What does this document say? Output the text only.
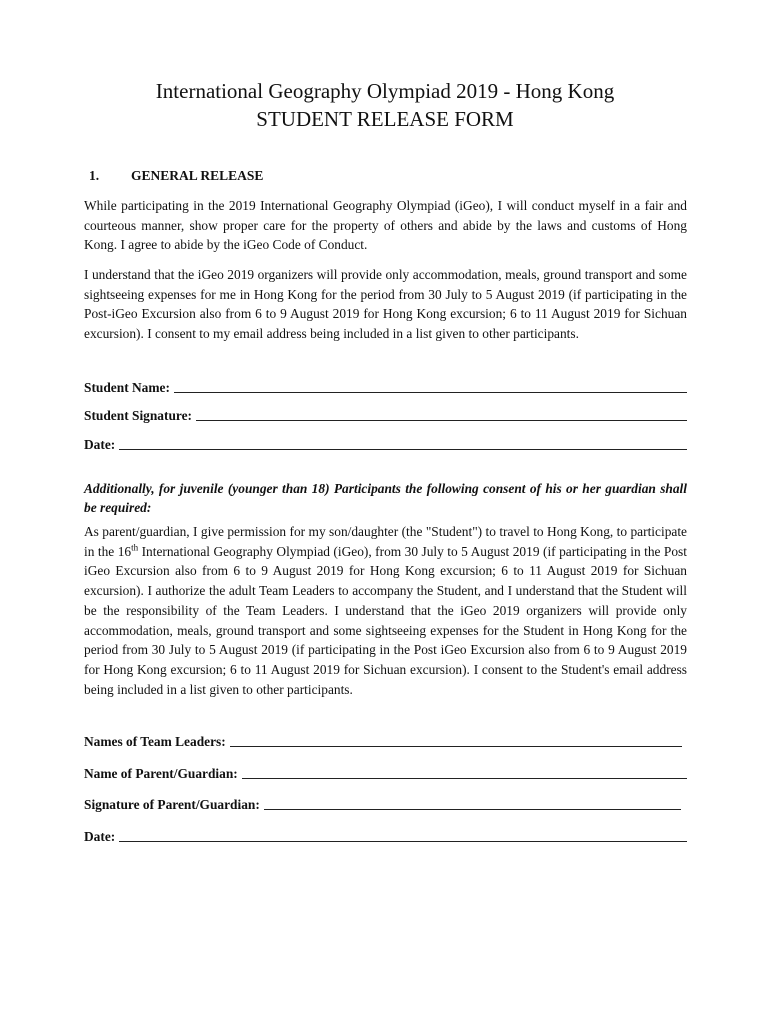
International Geography Olympiad 2019 - Hong Kong
STUDENT RELEASE FORM
1. GENERAL RELEASE
While participating in the 2019 International Geography Olympiad (iGeo), I will conduct myself in a fair and courteous manner, show proper care for the property of others and abide by the laws and customs of Hong Kong. I agree to abide by the iGeo Code of Conduct.
I understand that the iGeo 2019 organizers will provide only accommodation, meals, ground transport and some sightseeing expenses for me in Hong Kong for the period from 30 July to 5 August 2019 (if participating in the Post-iGeo Excursion also from 6 to 9 August 2019 for Hong Kong excursion; 6 to 11 August 2019 for Sichuan excursion). I consent to my email address being included in a list given to other participants.
Student Name:
Student Signature:
Date:
Additionally, for juvenile (younger than 18) Participants the following consent of his or her guardian shall be required:
As parent/guardian, I give permission for my son/daughter (the "Student") to travel to Hong Kong, to participate in the 16th International Geography Olympiad (iGeo), from 30 July to 5 August 2019 (if participating in the Post iGeo Excursion also from 6 to 9 August 2019 for Hong Kong excursion; 6 to 11 August 2019 for Sichuan excursion). I authorize the adult Team Leaders to accompany the Student, and I understand that the Student will be the responsibility of the Team Leaders. I understand that the iGeo 2019 organizers will provide only accommodation, meals, ground transport and some sightseeing expenses for the Student in Hong Kong for the period from 30 July to 5 August 2019 (if participating in the Post iGeo Excursion also from 6 to 9 August 2019 for Hong Kong excursion; 6 to 11 August 2019 for Sichuan excursion). I consent to the Student's email address being included in a list given to other participants.
Names of Team Leaders:
Name of Parent/Guardian:
Signature of Parent/Guardian:
Date:
